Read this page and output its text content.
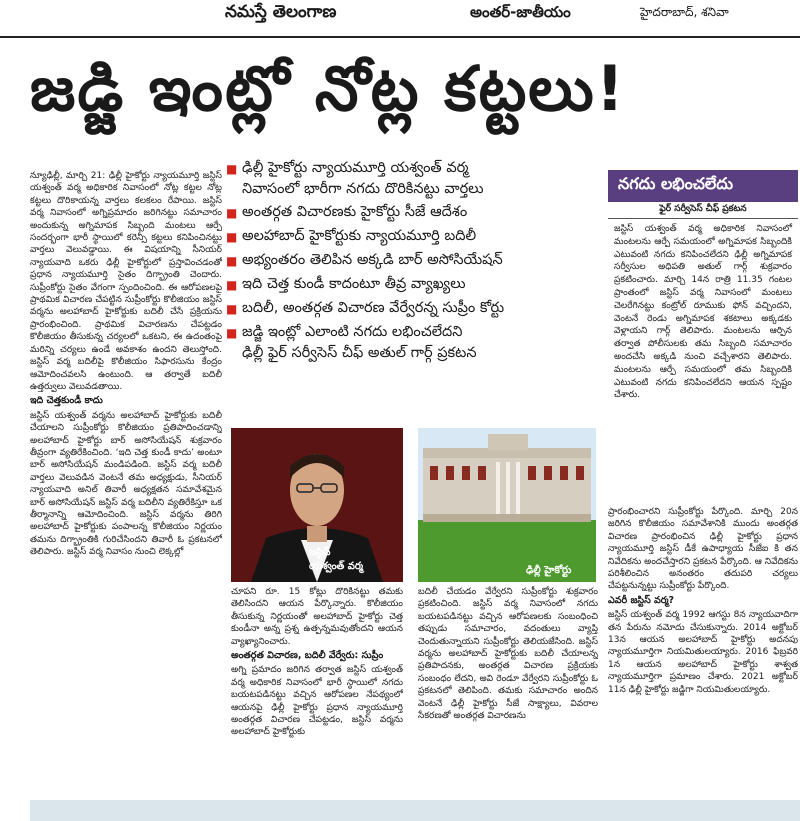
నమస్తే తెలంగాణ	అంతర్-జాతీయం	హైదరాబాద్, శనివా
జడ్జి ఇంట్లో నోట్ల కట్టలు!

న్యూఢిల్లీ, మార్చి 21: ఢిల్లీ హైకోర్టు న్యాయమూర్తి జస్టిస్ యశ్వంత్ వర్మ అధికారిక నివాసంలో నోట్ల కట్టల నోట్ల కట్టలు దొరికాయన్న వార్తలు కలకలం రేపాయి. జస్టిస్ వర్మ నివాసంలో అగ్నిప్రమాదం జరిగినట్టు సమాచారం అందుకున్న అగ్నిమాపక సిబ్బంది మంటలు ఆర్పే సందర్భంగా భారీ స్థాయిలో కరెన్సీ కట్టలు కనిపించినట్టు వార్తలు వెలువడ్డాయి. ఈ విషయాన్ని సీనియర్ న్యాయవాది ఒకరు ఢిల్లీ హైకోర్టులో ప్రస్తావించడంతో ప్రధాన న్యాయమూర్తి సైతం దిగ్భ్రాంతి చెందారు. సుప్రీంకోర్టు సైతం వేగంగా స్పందించింది. ఈ ఆరోపణలపై ప్రాథమిక విచారణ చేపట్టిన సుప్రీంకోర్టు కొలీజియం జస్టిస్ వర్మను అలహాబాద్ హైకోర్టుకు బదిలీ చేసే ప్రక్రియను ప్రారంభించింది. ప్రాథమిక విచారణను చేపట్టడం కొలీజియం తీసుకున్న చర్యలలో ఒకటని, ఈ ఉదంతంపై మరిన్ని చర్యలు ఉండే అవకాశం ఉందని తెలుస్తోంది. జస్టిస్ వర్మ బదిలీపై కొలీజియం సిఫారసును కేంద్రం ఆమోదించవలసి ఉంటుంది. ఆ తర్వాతే బదిలీ ఉత్తర్వులు వెలువడతాయి.

ఇది చెత్తకుండీ కాదు

జస్టిస్ యశ్వంత్ వర్మను అలహాబాద్ హైకోర్టుకు బదిలీ చేయాలని సుప్రీంకోర్టు కొలీజియం ప్రతిపాదించడాన్ని అలహాబాద్ హైకోర్టు బార్ అసోసియేషన్ శుక్రవారం తీవ్రంగా వ్యతిరేకించింది. ‘ఇది చెత్త కుండీ కాదు’ అంటూ బార్ అసోసియేషన్ మండిపడింది. జస్టిస్ వర్మ బదిలీ వార్తలు వెలువడిన వెంటనే తమ అధ్యక్షుడు, సీనియర్ న్యాయవాది అనిల్ తివారీ అధ్యక్షతన సమావేశమైన బార్ అసోసియేషన్ జస్టిస్ వర్మ బదిలీని వ్యతిరేకిస్తూ ఒక తీర్మానాన్ని ఆమోదించింది. జస్టిస్ వర్మను తిరిగి అలహాబాద్ హైకోర్టుకు పంపాలన్న కొలీజియం నిర్ణయం తమను దిగ్భ్రాంతికి గురిచేసిందని తివారీ ఓ ప్రకటనలో తెలిపారు. జస్టిస్ వర్మ నివాసం నుంచి లెక్కల్లో

■ ఢిల్లీ హైకోర్టు న్యాయమూర్తి యశ్వంత్ వర్మ
నివాసంలో భారీగా నగదు దొరికినట్టు వార్తలు
■ అంతర్గత విచారణకు హైకోర్టు సీజే ఆదేశం
■ అలహాబాద్ హైకోర్టుకు న్యాయమూర్తి బదిలీ
■ అభ్యంతరం తెలిపిన అక్కడి బార్ అసోసియేషన్
■ ఇది చెత్త కుండీ కాదంటూ తీవ్ర వ్యాఖ్యలు
■ బదిలీ, అంతర్గత విచారణ వేర్వేరన్న సుప్రీం కోర్టు
■ జడ్జి ఇంట్లో ఎలాంటి నగదు లభించలేదని
ఢిల్లీ ఫైర్ సర్వీసెస్ చీఫ్ అతుల్ గార్గ్ ప్రకటన
నగదు లభించలేదు
ఫైర్ సర్వీసెస్ చీఫ్ ప్రకటన
జస్టిస్ యశ్వంత్ వర్మ అధికారిక నివాసంలో మంటలను ఆర్పే సమయంలో అగ్నిమాపక సిబ్బందికి ఎటువంటి నగదు కనిపించలేదని ఢిల్లీ అగ్నిమాపక సర్వీసుల అధిపతి అతుల్ గార్గ్ శుక్రవారం ప్రకటించారు. మార్చి 14న రాత్రి 11.35 గంటల ప్రాంతంలో జస్టిస్ వర్మ నివాసంలో మంటలు చెలరేగినట్టు కంట్రోల్ రూముకు ఫోన్ వచ్చిందని, వెంటనే రెండు అగ్నిమాపక శకటాలు అక్కడకు వెళ్లాయని గార్గ్ తెలిపారు. మంటలను ఆర్పిన తర్వాత పోలీసులకు తమ సిబ్బంది సమాచారం అందచేసి అక్కడి నుంచి వచ్చేశారని తెలిపారు. మంటలను ఆర్పే సమయంలో తమ సిబ్బందికి ఎటువంటి నగదు కనిపించలేదని ఆయన స్పష్టం చేశారు.
జస్టిస్
యశ్వంత్ వర్మ	ఢిల్లీ హైకోర్టు

చూపని రూ. 15 కోట్లు దొరికినట్టు తమకు తెలిసిందని ఆయన పేర్కొన్నారు. కొలీజియం తీసుకున్న నిర్ణయంతో అలహాబాద్ హైకోర్టు చెత్త కుండీనా అన్న ప్రశ్న ఉత్పన్నమవుతోందని ఆయన వ్యాఖ్యానించారు.

అంతర్గత విచారణ, బదిలీ వేర్వేరు: సుప్రీం

అగ్ని ప్రమాదం జరిగిన తర్వాత జస్టిస్ యశ్వంత్ వర్మ అధికారిక నివాసంలో భారీ స్థాయిలో నగదు బయటపడినట్టు వచ్చిన ఆరోపణల నేపథ్యంలో ఆయనపై ఢిల్లీ హైకోర్టు ప్రధాన న్యాయమూర్తి అంతర్గత విచారణ చేపట్టడం, జస్టిస్ వర్మను అలహాబాద్ హైకోర్టుకు

బదిలీ చేయడం వేర్వేరని సుప్రీంకోర్టు శుక్రవారం ప్రకటించింది. జస్టిస్ వర్మ నివాసంలో నగదు బయటపడినట్టు వచ్చిన ఆరోపణలకు సంబంధించి తప్పుడు సమాచారం, వదంతులు వ్యాప్తి చెందుతున్నాయని సుప్రీంకోర్టు తెలియజేసింది. జస్టిస్ వర్మను అలహాబాద్ హైకోర్టుకు బదిలీ చేయాలన్న ప్రతిపాదనకు, అంతర్గత విచారణ ప్రక్రియకు సంబంధం లేదని, అవి రెండూ వేర్వేరని సుప్రీంకోర్టు ఓ ప్రకటనలో తెలిపింది. తమకు సమాచారం అందిన వెంటనే ఢిల్లీ హైకోర్టు సీజే సాక్ష్యాలు, వివరాల సేకరణతో అంతర్గత విచారణను

ప్రారంభించారని సుప్రీంకోర్టు పేర్కొంది. మార్చి 20న జరిగిన కొలీజియం సమావేశానికి ముందు అంతర్గత విచారణ ప్రారంభించిన ఢిల్లీ హైకోర్టు ప్రధాన న్యాయమూర్తి జస్టిస్ డీకే ఉపాధ్యాయ సీజేఐ కి తన నివేదికను అందచేస్తారని ప్రకటన పేర్కొంది. ఆ నివేదికను పరిశీలించిన అనంతరం తదుపరి చర్యలు చేపట్టనున్నట్టు సుప్రీంకోర్టు పేర్కొంది.

ఎవరీ జస్టిస్ వర్మ?

జస్టిస్ యశ్వంత్ వర్మ 1992 ఆగస్టు 8న న్యాయవాదిగా తన పేరును నమోదు చేసుకున్నారు. 2014 అక్టోబర్ 13న ఆయన అలహాబాద్ హైకోర్టు అదనపు న్యాయమూర్తిగా నియమితులయ్యారు. 2016 ఫిబ్రవరి 1న ఆయన అలహాబాద్ హైకోర్టు శాశ్వత న్యాయమూర్తిగా ప్రమాణం చేశారు. 2021 అక్టోబర్ 11న ఢిల్లీ హైకోర్టు జడ్జిగా నియమితులయ్యారు.
